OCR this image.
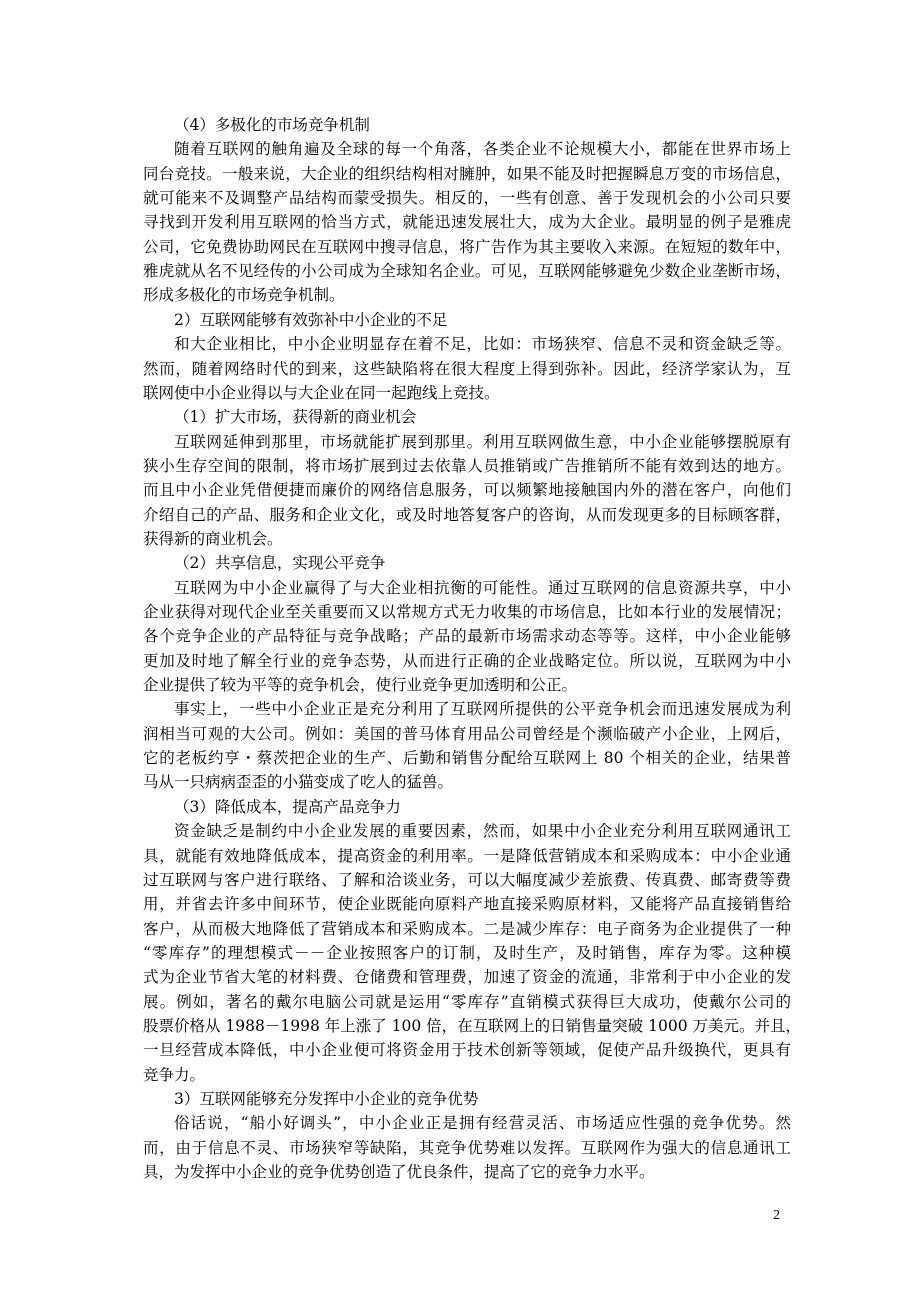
（4）多极化的市场竞争机制
随着互联网的触角遍及全球的每一个角落，各类企业不论规模大小，都能在世界市场上
同台竞技。一般来说，大企业的组织结构相对臃肿，如果不能及时把握瞬息万变的市场信息，
就可能来不及调整产品结构而蒙受损失。相反的，一些有创意、善于发现机会的小公司只要
寻找到开发利用互联网的恰当方式，就能迅速发展壮大，成为大企业。最明显的例子是雅虎
公司，它免费协助网民在互联网中搜寻信息，将广告作为其主要收入来源。在短短的数年中，
雅虎就从名不见经传的小公司成为全球知名企业。可见，互联网能够避免少数企业垄断市场，
形成多极化的市场竞争机制。
2）互联网能够有效弥补中小企业的不足
和大企业相比，中小企业明显存在着不足，比如：市场狭窄、信息不灵和资金缺乏等。
然而，随着网络时代的到来，这些缺陷将在很大程度上得到弥补。因此，经济学家认为，互
联网使中小企业得以与大企业在同一起跑线上竞技。
（1）扩大市场，获得新的商业机会
互联网延伸到那里，市场就能扩展到那里。利用互联网做生意，中小企业能够摆脱原有
狭小生存空间的限制，将市场扩展到过去依靠人员推销或广告推销所不能有效到达的地方。
而且中小企业凭借便捷而廉价的网络信息服务，可以频繁地接触国内外的潜在客户，向他们
介绍自己的产品、服务和企业文化，或及时地答复客户的咨询，从而发现更多的目标顾客群，
获得新的商业机会。
（2）共享信息，实现公平竞争
互联网为中小企业赢得了与大企业相抗衡的可能性。通过互联网的信息资源共享，中小
企业获得对现代企业至关重要而又以常规方式无力收集的市场信息，比如本行业的发展情况；
各个竞争企业的产品特征与竞争战略；产品的最新市场需求动态等等。这样，中小企业能够
更加及时地了解全行业的竞争态势，从而进行正确的企业战略定位。所以说，互联网为中小
企业提供了较为平等的竞争机会，使行业竞争更加透明和公正。
事实上，一些中小企业正是充分利用了互联网所提供的公平竞争机会而迅速发展成为利
润相当可观的大公司。例如：美国的普马体育用品公司曾经是个濒临破产小企业，上网后，
它的老板约亨・蔡茨把企业的生产、后勤和销售分配给互联网上 80 个相关的企业，结果普
马从一只病病歪歪的小猫变成了吃人的猛兽。
（3）降低成本，提高产品竞争力
资金缺乏是制约中小企业发展的重要因素，然而，如果中小企业充分利用互联网通讯工
具，就能有效地降低成本，提高资金的利用率。一是降低营销成本和采购成本：中小企业通
过互联网与客户进行联络、了解和洽谈业务，可以大幅度减少差旅费、传真费、邮寄费等费
用，并省去许多中间环节，使企业既能向原料产地直接采购原材料，又能将产品直接销售给
客户，从而极大地降低了营销成本和采购成本。二是减少库存：电子商务为企业提供了一种
“零库存”的理想模式－－企业按照客户的订制，及时生产，及时销售，库存为零。这种模
式为企业节省大笔的材料费、仓储费和管理费，加速了资金的流通，非常利于中小企业的发
展。例如，著名的戴尔电脑公司就是运用“零库存”直销模式获得巨大成功，使戴尔公司的
股票价格从 1988－1998 年上涨了 100 倍，在互联网上的日销售量突破 1000 万美元。并且，
一旦经营成本降低，中小企业便可将资金用于技术创新等领域，促使产品升级换代，更具有
竞争力。
3）互联网能够充分发挥中小企业的竞争优势
俗话说，“船小好调头”，中小企业正是拥有经营灵活、市场适应性强的竞争优势。然
而，由于信息不灵、市场狭窄等缺陷，其竞争优势难以发挥。互联网作为强大的信息通讯工
具，为发挥中小企业的竞争优势创造了优良条件，提高了它的竞争力水平。
2
